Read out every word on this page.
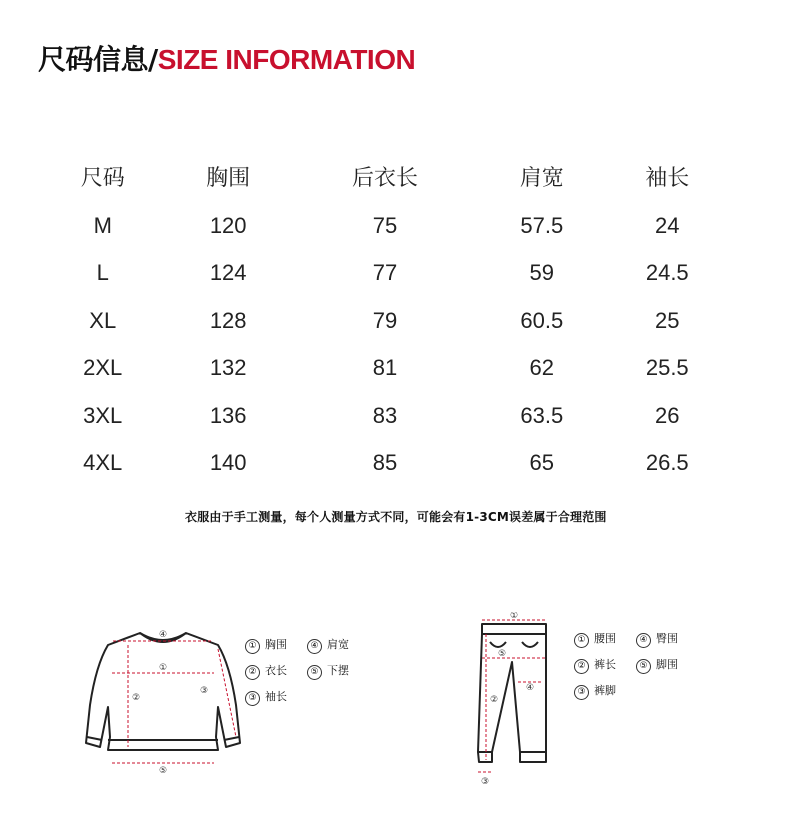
尺码信息/SIZE INFORMATION
尺码	胸围	后衣长	肩宽	袖长
M	120	75	57.5	24
L	124	77	59	24.5
XL	128	79	60.5	25
2XL	132	81	62	25.5
3XL	136	83	63.5	26
4XL	140	85	65	26.5
衣服由于手工测量，每个人测量方式不同，可能会有1-3CM误差属于合理范围
①
②
③
④
⑤
① 胸围	④ 肩宽
② 衣长	⑤ 下摆
③ 袖长
①
②
③
④
⑤
① 腰围	④ 臀围
② 裤长	⑤ 脚围
③ 裤脚
